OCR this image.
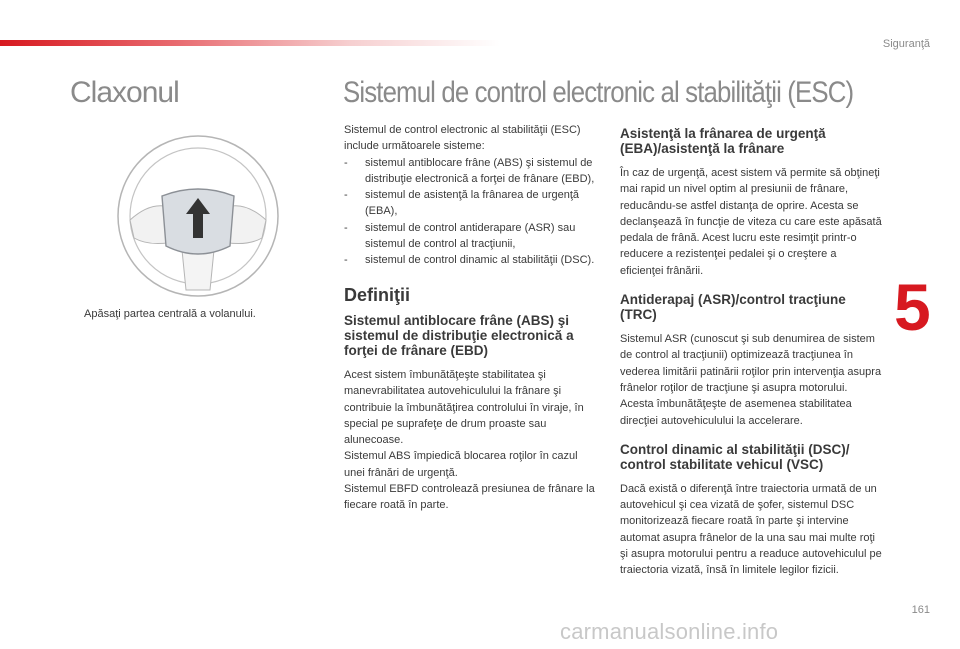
Siguranţă
5
Claxonul	Sistemul de control electronic al stabilităţii (ESC)
Apăsaţi partea centrală a volanului.

Sistemul de control electronic al stabilităţii (ESC) include următoarele sisteme:

- sistemul antiblocare frâne (ABS) şi sistemul de distribuţie electronică a forţei de frânare (EBD),
- sistemul de asistenţă la frânarea de urgenţă (EBA),
- sistemul de control antiderapare (ASR) sau sistemul de control al tracţiunii,
- sistemul de control dinamic al stabilităţii (DSC).
Definiţii
Sistemul antiblocare frâne (ABS) şi sistemul de distribuţie electronică a forţei de frânare (EBD)

Acest sistem îmbunătăţeşte stabilitatea şi manevrabilitatea autovehiculului la frânare şi contribuie la îmbunătăţirea controlului în viraje, în special pe suprafeţe de drum proaste sau alunecoase.

Sistemul ABS împiedică blocarea roţilor în cazul unei frânări de urgenţă.

Sistemul EBFD controlează presiunea de frânare la fiecare roată în parte.

Asistenţă la frânarea de urgenţă (EBA)/asistenţă la frânare

În caz de urgenţă, acest sistem vă permite să obţineţi mai rapid un nivel optim al presiunii de frânare, reducându-se astfel distanţa de oprire. Acesta se declanşează în funcţie de viteza cu care este apăsată pedala de frână. Acest lucru este resimţit printr-o reducere a rezistenţei pedalei şi o creştere a eficienţei frânării.

Antiderapaj (ASR)/control tracţiune (TRC)

Sistemul ASR (cunoscut şi sub denumirea de sistem de control al tracţiunii) optimizează tracţiunea în vederea limitării patinării roţilor prin intervenţia asupra frânelor roţilor de tracţiune şi asupra motorului. Acesta îmbunătăţeşte de asemenea stabilitatea direcţiei autovehiculului la accelerare.

Control dinamic al stabilităţii (DSC)/ control stabilitate vehicul (VSC)

Dacă există o diferenţă între traiectoria urmată de un autovehicul şi cea vizată de şofer, sistemul DSC monitorizează fiecare roată în parte şi intervine automat asupra frânelor de la una sau mai multe roţi şi asupra motorului pentru a readuce autovehiculul pe traiectoria vizată, însă în limitele legilor fizicii.

161
carmanualsonline.info
